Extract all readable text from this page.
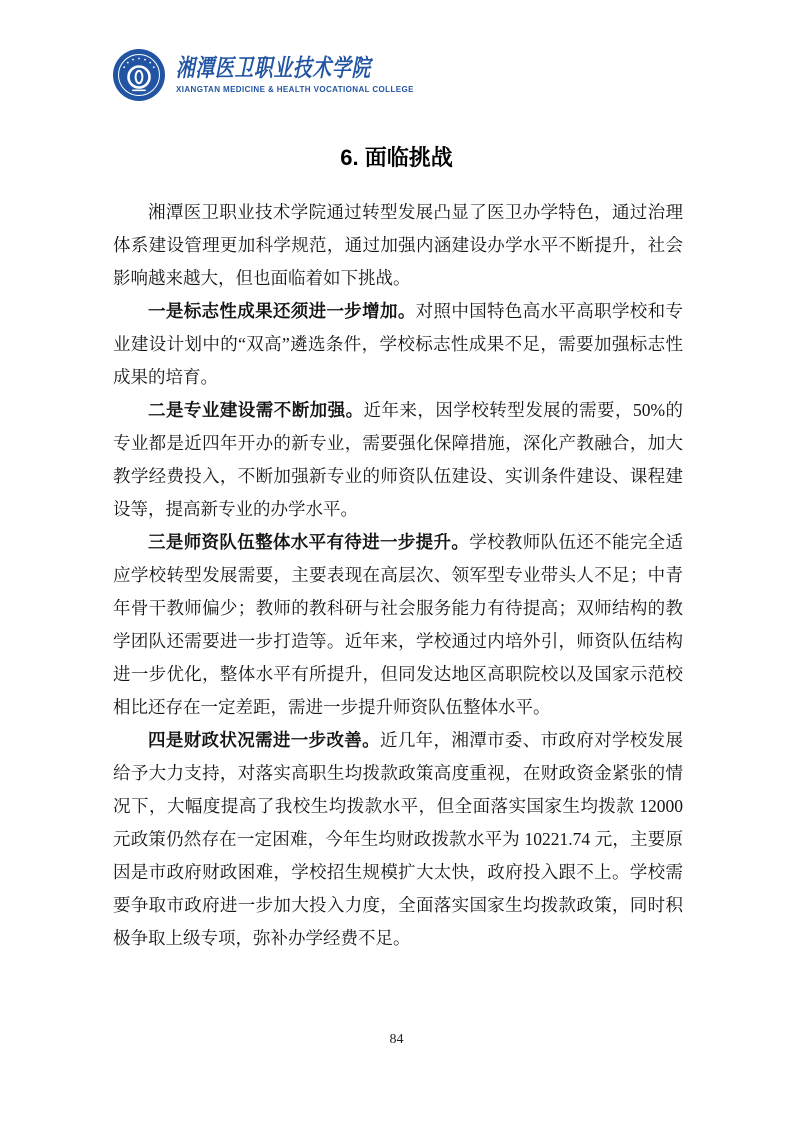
湘潭医卫职业技术学院
XIANGTAN MEDICINE & HEALTH VOCATIONAL COLLEGE
6. 面临挑战

湘潭医卫职业技术学院通过转型发展凸显了医卫办学特色，通过治理体系建设管理更加科学规范，通过加强内涵建设办学水平不断提升，社会影响越来越大，但也面临着如下挑战。

一是标志性成果还须进一步增加。对照中国特色高水平高职学校和专业建设计划中的“双高”遴选条件，学校标志性成果不足，需要加强标志性成果的培育。

二是专业建设需不断加强。近年来，因学校转型发展的需要，50%的专业都是近四年开办的新专业，需要强化保障措施，深化产教融合，加大教学经费投入，不断加强新专业的师资队伍建设、实训条件建设、课程建设等，提高新专业的办学水平。

三是师资队伍整体水平有待进一步提升。学校教师队伍还不能完全适应学校转型发展需要，主要表现在高层次、领军型专业带头人不足；中青年骨干教师偏少；教师的教科研与社会服务能力有待提高；双师结构的教学团队还需要进一步打造等。近年来，学校通过内培外引，师资队伍结构进一步优化，整体水平有所提升，但同发达地区高职院校以及国家示范校相比还存在一定差距，需进一步提升师资队伍整体水平。

四是财政状况需进一步改善。近几年，湘潭市委、市政府对学校发展给予大力支持，对落实高职生均拨款政策高度重视，在财政资金紧张的情况下，大幅度提高了我校生均拨款水平，但全面落实国家生均拨款 12000 元政策仍然存在一定困难，今年生均财政拨款水平为 10221.74 元，主要原因是市政府财政困难，学校招生规模扩大太快，政府投入跟不上。学校需要争取市政府进一步加大投入力度，全面落实国家生均拨款政策，同时积极争取上级专项，弥补办学经费不足。

84
